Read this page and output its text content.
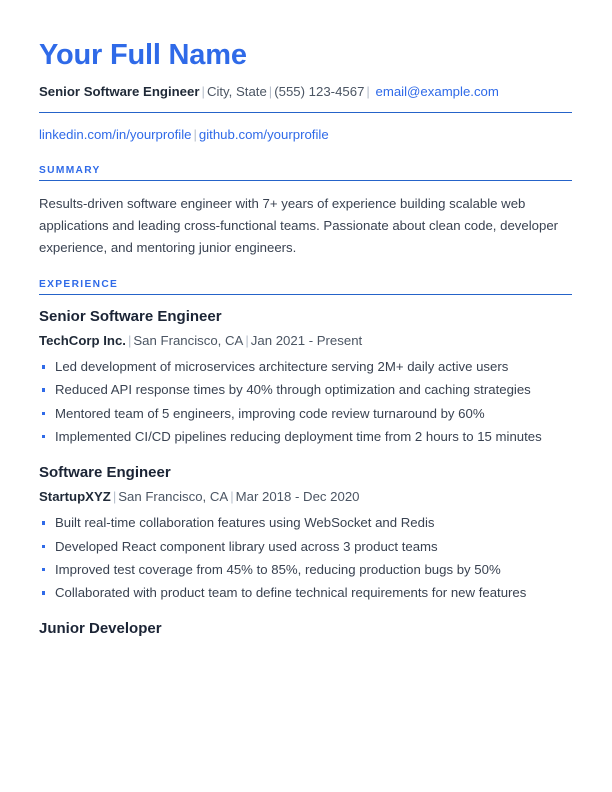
Your Full Name

Senior Software Engineer | City, State | (555) 123-4567 | email@example.com

linkedin.com/in/yourprofile | github.com/yourprofile

SUMMARY

Results-driven software engineer with 7+ years of experience building scalable web applications and leading cross-functional teams. Passionate about clean code, developer experience, and mentoring junior engineers.

EXPERIENCE
Senior Software Engineer
TechCorp Inc. | San Francisco, CA | Jan 2021 - Present
Led development of microservices architecture serving 2M+ daily active users
Reduced API response times by 40% through optimization and caching strategies
Mentored team of 5 engineers, improving code review turnaround by 60%
Implemented CI/CD pipelines reducing deployment time from 2 hours to 15 minutes
Software Engineer
StartupXYZ | San Francisco, CA | Mar 2018 - Dec 2020
Built real-time collaboration features using WebSocket and Redis
Developed React component library used across 3 product teams
Improved test coverage from 45% to 85%, reducing production bugs by 50%
Collaborated with product team to define technical requirements for new features
Junior Developer
